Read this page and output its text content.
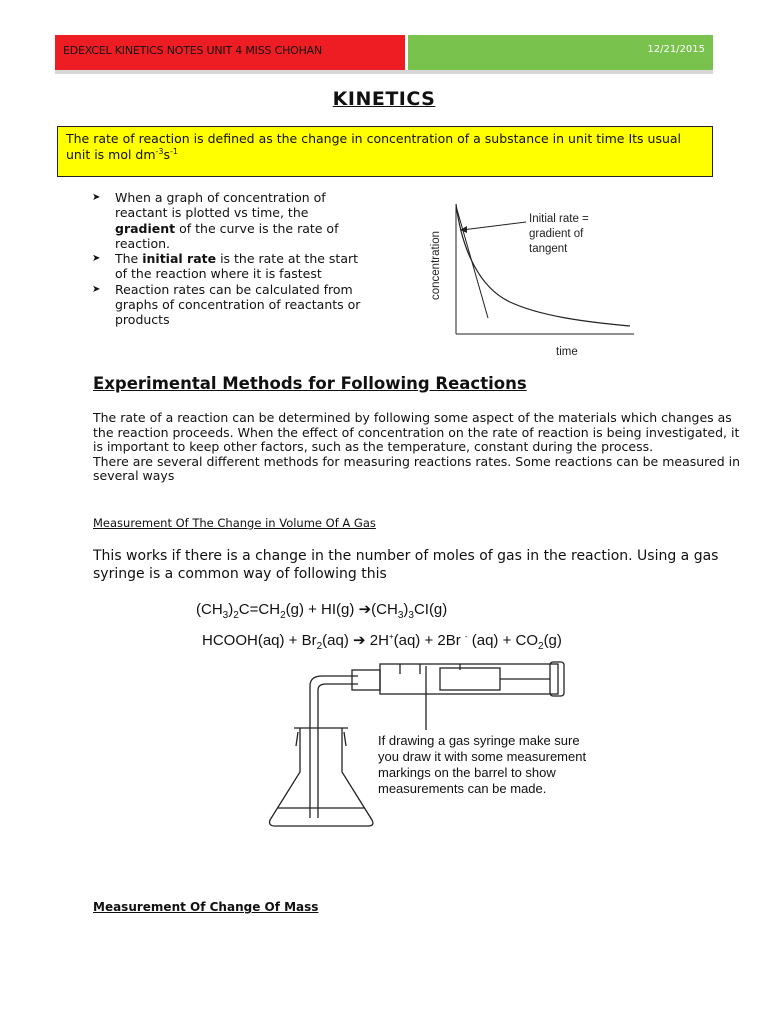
EDEXCEL KINETICS NOTES UNIT 4 MISS CHOHAN	12/21/2015
KINETICS
The rate of reaction is defined as the change in concentration of a substance in unit time Its usual unit is mol $dm^{-3}s^{-1}$
➤ When a graph of concentration of reactant is plotted vs time, the gradient of the curve is the rate of reaction.
➤ The initial rate is the rate at the start of the reaction where it is fastest
➤ Reaction rates can be calculated from graphs of concentration of reactants or products
Initial rate =
gradient of
tangent
concentration
time
Experimental Methods for Following Reactions
The rate of a reaction can be determined by following some aspect of the materials which changes as the reaction proceeds. When the effect of concentration on the rate of reaction is being investigated, it is important to keep other factors, such as the temperature, constant during the process.
There are several different methods for measuring reactions rates. Some reactions can be measured in several ways
Measurement Of The Change in Volume Of A Gas
This works if there is a change in the number of moles of gas in the reaction. Using a gas syringe is a common way of following this
$(CH_3)_2C=CH_2(g) + HI(g)$ $➔(CH_3)_3CI(g)$
HCOOH(aq) + $Br_2(aq)$ ➔ 2H+(aq) + 2Br - $(aq) + CO_2(g)$
If drawing a gas syringe make sure you draw it with some measurement markings on the barrel to show measurements can be made.
Measurement Of Change Of Mass
